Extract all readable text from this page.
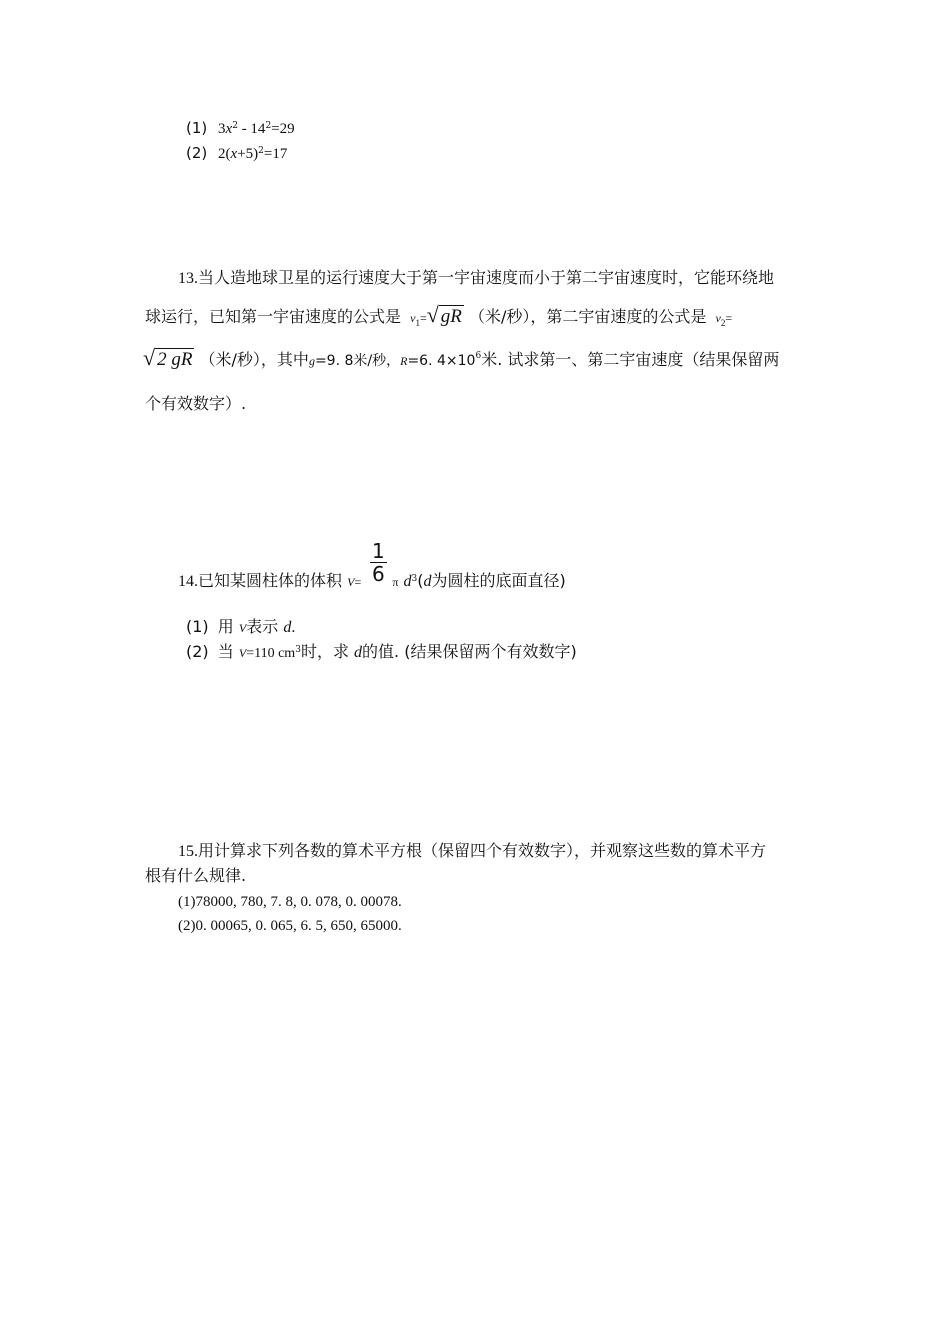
(1) $3x^2 - 14^2=29$
(2) $2(x+5)^2=17$
13.当人造地球卫星的运行速度大于第一宇宙速度而小于第二宇宙速度时，它能环绕地
球运行，已知第一宇宙速度的公式是 $v_1=√$ gR （米/秒），第二宇宙速度的公式是 $v_2=$
√ 2 gR （米/秒），其中g=9. 8米/秒，R=6. $4\times 10^6$米. 试求第一、第二宇宙速度（结果保留两
个有效数字）.
$\frac{1}{6}$
14.已知某圆柱体的体积 V=	π $d^3(d$为圆柱的底面直径)
(1) 用 V表示 d.
(2) 当 V=110 $cm^3$时，求 d的值. (结果保留两个有效数字)
15.用计算求下列各数的算术平方根（保留四个有效数字），并观察这些数的算术平方
根有什么规律.
(1)78000, 780, 7. 8, 0. 078, 0. 00078.
(2)0. 00065, 0. 065, 6. 5, 650, 65000.
